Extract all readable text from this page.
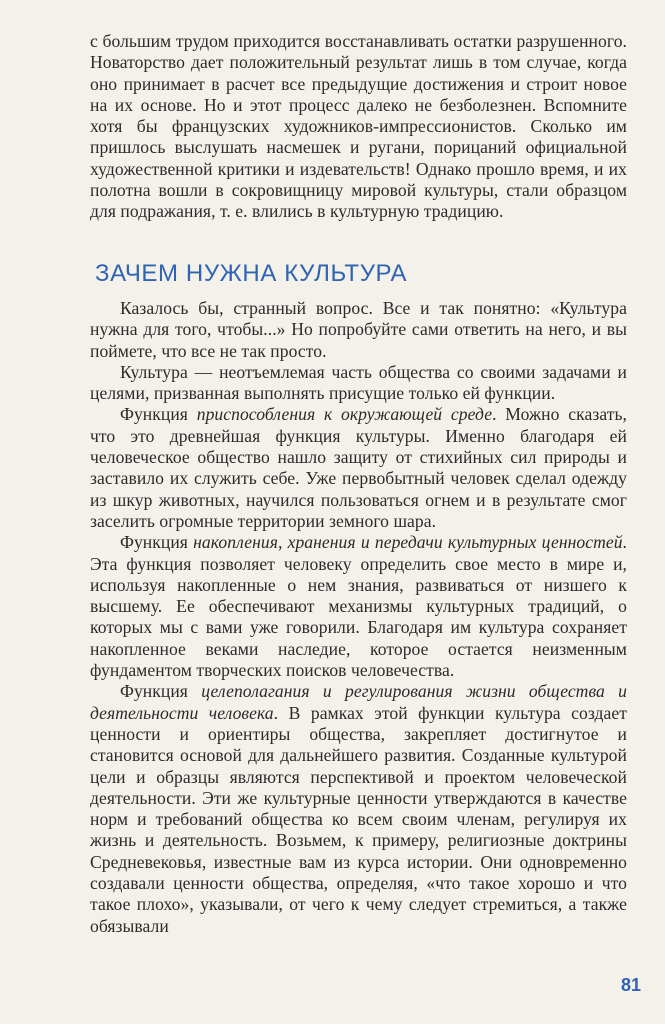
с большим трудом приходится восстанавливать остатки разрушенного. Новаторство дает положительный результат лишь в том случае, когда оно принимает в расчет все предыдущие достижения и строит новое на их основе. Но и этот процесс далеко не безболезнен. Вспомните хотя бы французских художников-импрессионистов. Сколько им пришлось выслушать насмешек и ругани, порицаний официальной художественной критики и издевательств! Однако прошло время, и их полотна вошли в сокровищницу мировой культуры, стали образцом для подражания, т. е. влились в культурную традицию.

ЗАЧЕМ НУЖНА КУЛЬТУРА

Казалось бы, странный вопрос. Все и так понятно: «Культура нужна для того, чтобы...» Но попробуйте сами ответить на него, и вы поймете, что все не так просто.

Культура — неотъемлемая часть общества со своими задачами и целями, призванная выполнять присущие только ей функции.

Функция приспособления к окружающей среде. Можно сказать, что это древнейшая функция культуры. Именно благодаря ей человеческое общество нашло защиту от стихийных сил природы и заставило их служить себе. Уже первобытный человек сделал одежду из шкур животных, научился пользоваться огнем и в результате смог заселить огромные территории земного шара.

Функция накопления, хранения и передачи культурных ценностей. Эта функция позволяет человеку определить свое место в мире и, используя накопленные о нем знания, развиваться от низшего к высшему. Ее обеспечивают механизмы культурных традиций, о которых мы с вами уже говорили. Благодаря им культура сохраняет накопленное веками наследие, которое остается неизменным фундаментом творческих поисков человечества.

Функция целеполагания и регулирования жизни общества и деятельности человека. В рамках этой функции культура создает ценности и ориентиры общества, закрепляет достигнутое и становится основой для дальнейшего развития. Созданные культурой цели и образцы являются перспективой и проектом человеческой деятельности. Эти же культурные ценности утверждаются в качестве норм и требований общества ко всем своим членам, регулируя их жизнь и деятельность. Возьмем, к примеру, религиозные доктрины Средневековья, известные вам из курса истории. Они одновременно создавали ценности общества, определяя, «что такое хорошо и что такое плохо», указывали, от чего к чему следует стремиться, а также обязывали

81
